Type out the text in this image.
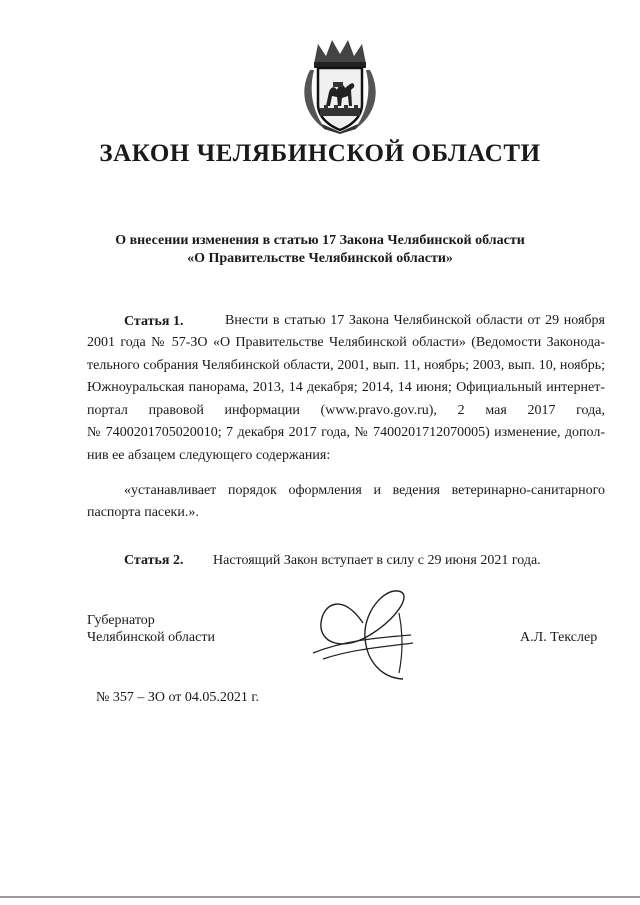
ЗАКОН ЧЕЛЯБИНСКОЙ ОБЛАСТИ
О внесении изменения в статью 17 Закона Челябинской области
«О Правительстве Челябинской области»
Статья 1.	Внести в статью 17 Закона Челябинской области от 29 ноября
2001 года № 57-ЗО «О Правительстве Челябинской области» (Ведомости Законода-
тельного собрания Челябинской области, 2001, вып. 11, ноябрь; 2003, вып. 10, ноябрь;
Южноуральская панорама, 2013, 14 декабря; 2014, 14 июня; Официальный интернет-
портал правовой информации (www.pravo.gov.ru), 2 мая 2017 года,
№ 7400201705020010; 7 декабря 2017 года, № 7400201712070005) изменение, допол-
нив ее абзацем следующего содержания:
«устанавливает порядок оформления и ведения ветеринарно-санитарного
паспорта пасеки.».
Статья 2. Настоящий Закон вступает в силу с 29 июня 2021 года.
Губернатор
Челябинской области	А.Л. Текслер
№ 357 – ЗО от 04.05.2021 г.
